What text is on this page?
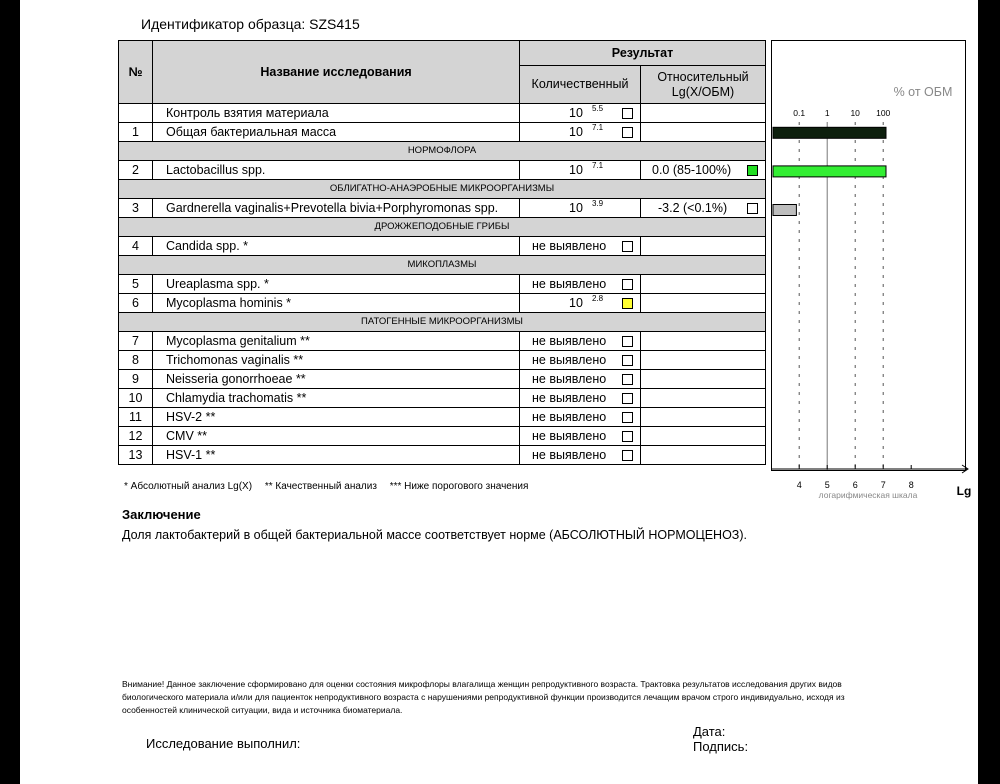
Идентификатор образца: SZS415
№	Название исследования	Результат	
		Количественный	Относительный
Lg(X/ОБМ)

	Контроль взятия материала	10 5.5	

1	Общая бактериальная масса	10 7.1	

НОРМОФЛОРА			
2	Lactobacillus spp.	10 7.1	0.0 (85-100%)

ОБЛИГАТНО-АНАЭРОБНЫЕ МИКРООРГАНИЗМЫ			
3	Gardnerella vaginalis+Prevotella bivia+Porphyromonas spp.	10 3.9	-3.2 (<0.1%)

ДРОЖЖЕПОДОБНЫЕ ГРИБЫ			
4	Candida spp. *	не выявлено	

МИКОПЛАЗМЫ			
5	Ureaplasma spp. *	не выявлено	

6	Mycoplasma hominis *	10 2.8	

ПАТОГЕННЫЕ МИКРООРГАНИЗМЫ			
7	Mycoplasma genitalium **	не выявлено	

8	Trichomonas vaginalis **	не выявлено	

9	Neisseria gonorrhoeae **	не выявлено	

10	Chlamydia trachomatis **	не выявлено	

11	HSV-2 **	не выявлено	

12	CMV **	не выявлено	

13	HSV-1 **	не выявлено	

% от ОБМ
0.1 1 10 100
4	5	6	7	8
логарифмическая шкала	Lg
* Абсолютный анализ Lg(X) ** Качественный анализ *** Ниже порогового значения
Заключение
Доля лактобактерий в общей бактериальной массе соответствует норме (АБСОЛЮТНЫЙ НОРМОЦЕНОЗ).
Внимание! Данное заключение сформировано для оценки состояния микрофлоры влагалища женщин репродуктивного возраста. Трактовка результатов исследования других видов биологического материала и/или для пациенток непродуктивного возраста с нарушениями репродуктивной функции производится лечащим врачом строго индивидуально, исходя из особенностей клинической ситуации, вида и источника биоматериала.
Исследование выполнил:
Дата:
Подпись:
